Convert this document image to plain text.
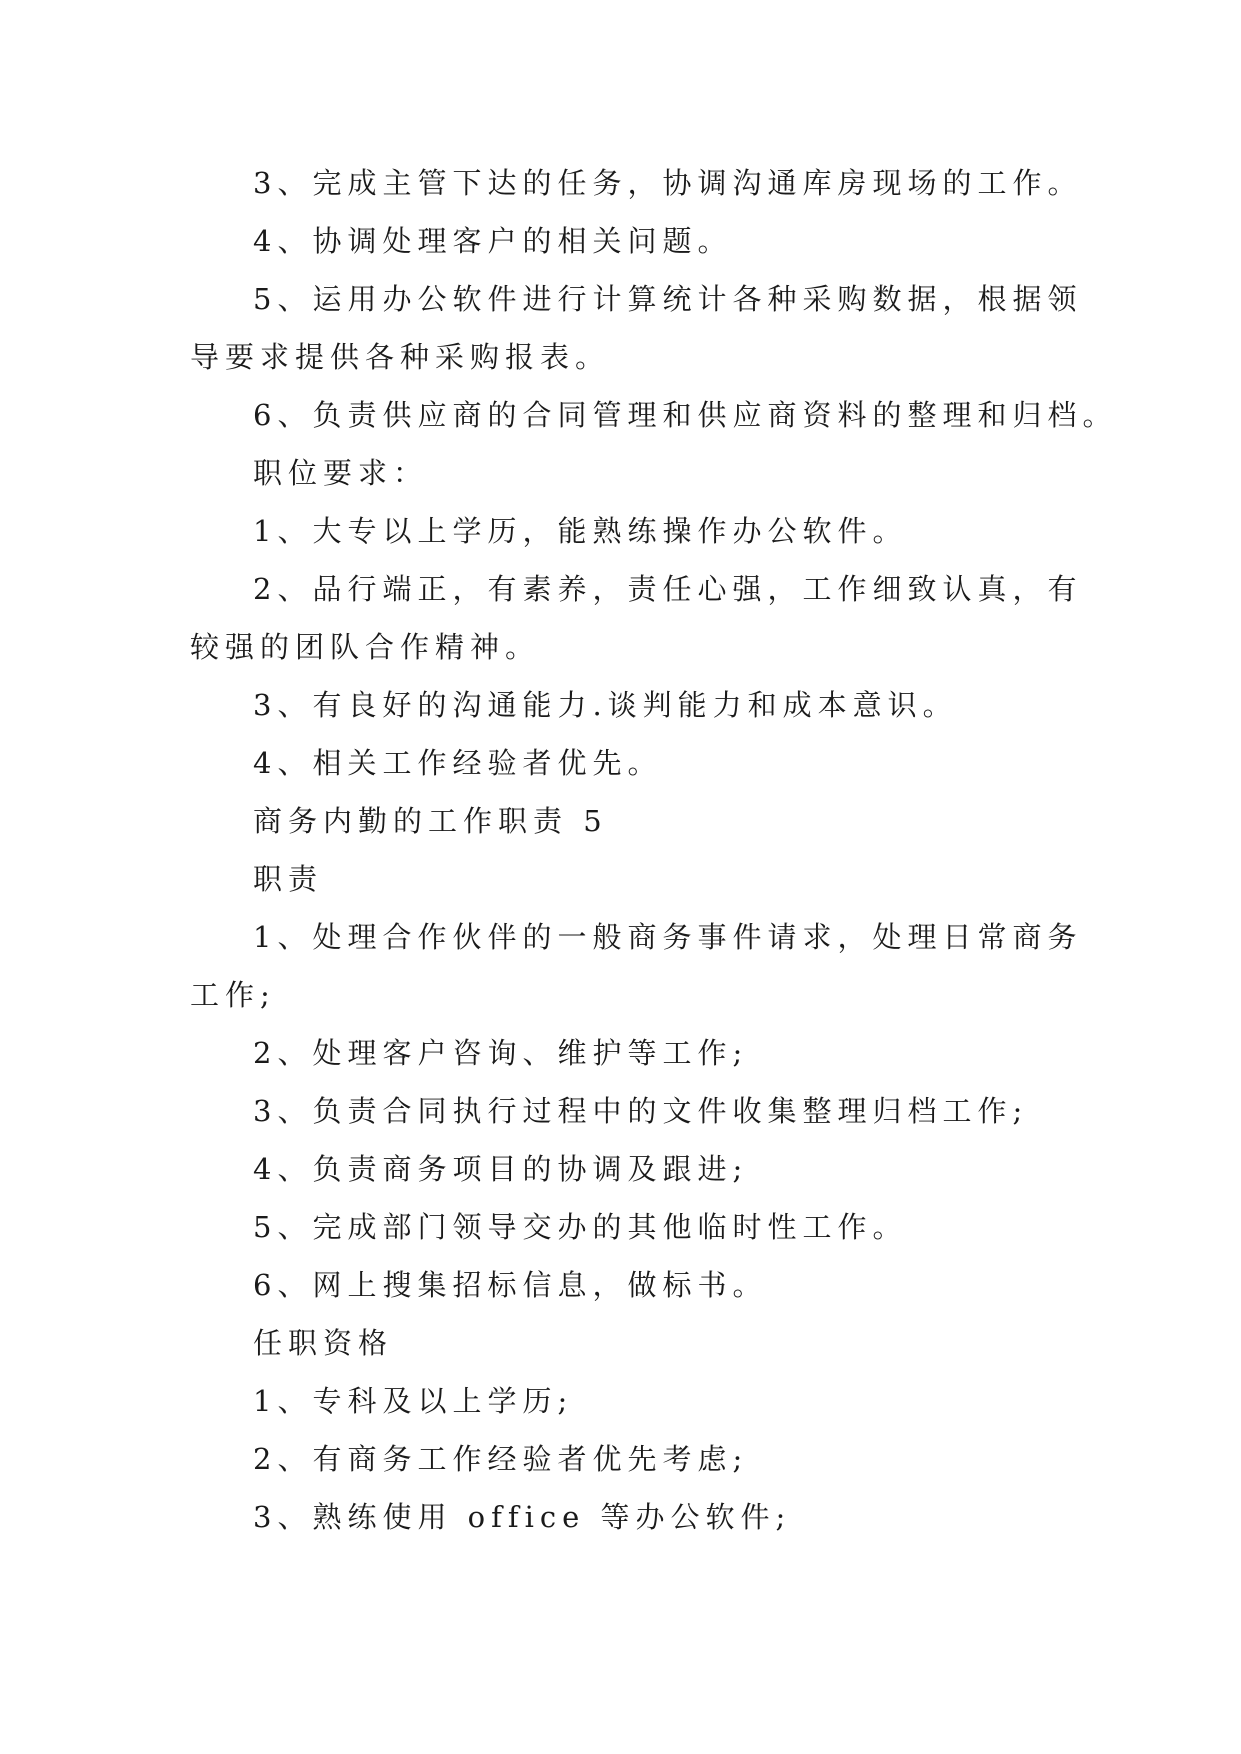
3、完成主管下达的任务，协调沟通库房现场的工作。

4、协调处理客户的相关问题。

5、运用办公软件进行计算统计各种采购数据，根据领

导要求提供各种采购报表。

6、负责供应商的合同管理和供应商资料的整理和归档。

职位要求：

1、大专以上学历，能熟练操作办公软件。

2、品行端正，有素养，责任心强，工作细致认真，有

较强的团队合作精神。

3、有良好的沟通能力.谈判能力和成本意识。

4、相关工作经验者优先。

商务内勤的工作职责 5

职责

1、处理合作伙伴的一般商务事件请求，处理日常商务

工作;

2、处理客户咨询、维护等工作;

3、负责合同执行过程中的文件收集整理归档工作;

4、负责商务项目的协调及跟进;

5、完成部门领导交办的其他临时性工作。

6、网上搜集招标信息，做标书。

任职资格

1、专科及以上学历;

2、有商务工作经验者优先考虑;

3、熟练使用 office 等办公软件;
